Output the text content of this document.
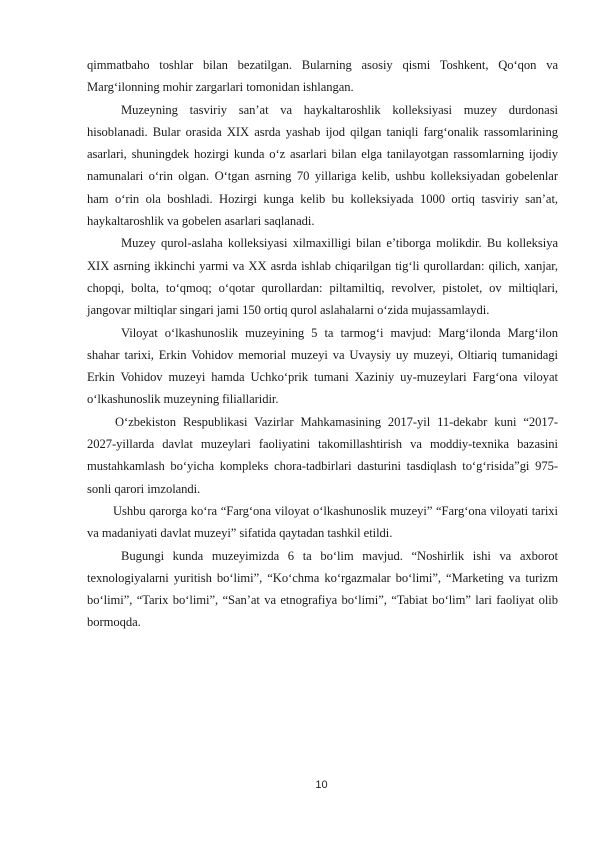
qimmatbaho toshlar bilan bezatilgan. Bularning asosiy qismi Toshkent, Qo‘qon va Marg‘ilonning mohir zargarlari tomonidan ishlangan.

Muzeyning tasviriy san’at va haykaltaroshlik kolleksiyasi muzey durdonasi hisoblanadi. Bular orasida XIX asrda yashab ijod qilgan taniqli farg‘onalik rassomlarining asarlari, shuningdek hozirgi kunda o‘z asarlari bilan elga tanilayotgan rassomlarning ijodiy namunalari o‘rin olgan. O‘tgan asrning 70 yillariga kelib, ushbu kolleksiyadan gobelenlar ham o‘rin ola boshladi. Hozirgi kunga kelib bu kolleksiyada 1000 ortiq tasviriy san’at, haykaltaroshlik va gobelen asarlari saqlanadi.

Muzey qurol-aslaha kolleksiyasi xilmaxilligi bilan e’tiborga molikdir. Bu kolleksiya XIX asrning ikkinchi yarmi va XX asrda ishlab chiqarilgan tig‘li qurollardan: qilich, xanjar, chopqi, bolta, to‘qmoq; o‘qotar qurollardan: piltamiltiq, revolver, pistolet, ov miltiqlari, jangovar miltiqlar singari jami 150 ortiq qurol aslahalarni o‘zida mujassamlaydi.

Viloyat o‘lkashunoslik muzeyining 5 ta tarmog‘i mavjud: Marg‘ilonda Marg‘ilon shahar tarixi, Erkin Vohidov memorial muzeyi va Uvaysiy uy muzeyi, Oltiariq tumanidagi Erkin Vohidov muzeyi hamda Uchko‘prik tumani Xaziniy uy-muzeylari Farg‘ona viloyat o‘lkashunoslik muzeyning filiallaridir.

O‘zbekiston Respublikasi Vazirlar Mahkamasining 2017-yil 11-dekabr kuni “2017-2027-yillarda davlat muzeylari faoliyatini takomillashtirish va moddiy-texnika bazasini mustahkamlash bo‘yicha kompleks chora-tadbirlari dasturini tasdiqlash to‘g‘risida”gi 975-sonli qarori imzolandi.

Ushbu qarorga ko‘ra “Farg‘ona viloyat o‘lkashunoslik muzeyi” “Farg‘ona viloyati tarixi va madaniyati davlat muzeyi” sifatida qaytadan tashkil etildi.

Bugungi kunda muzeyimizda 6 ta bo‘lim mavjud. “Noshirlik ishi va axborot texnologiyalarni yuritish bo‘limi”, “Ko‘chma ko‘rgazmalar bo‘limi”, “Marketing va turizm bo‘limi”, “Tarix bo‘limi”, “San’at va etnografiya bo‘limi”, “Tabiat bo‘lim” lari faoliyat olib bormoqda.

10
